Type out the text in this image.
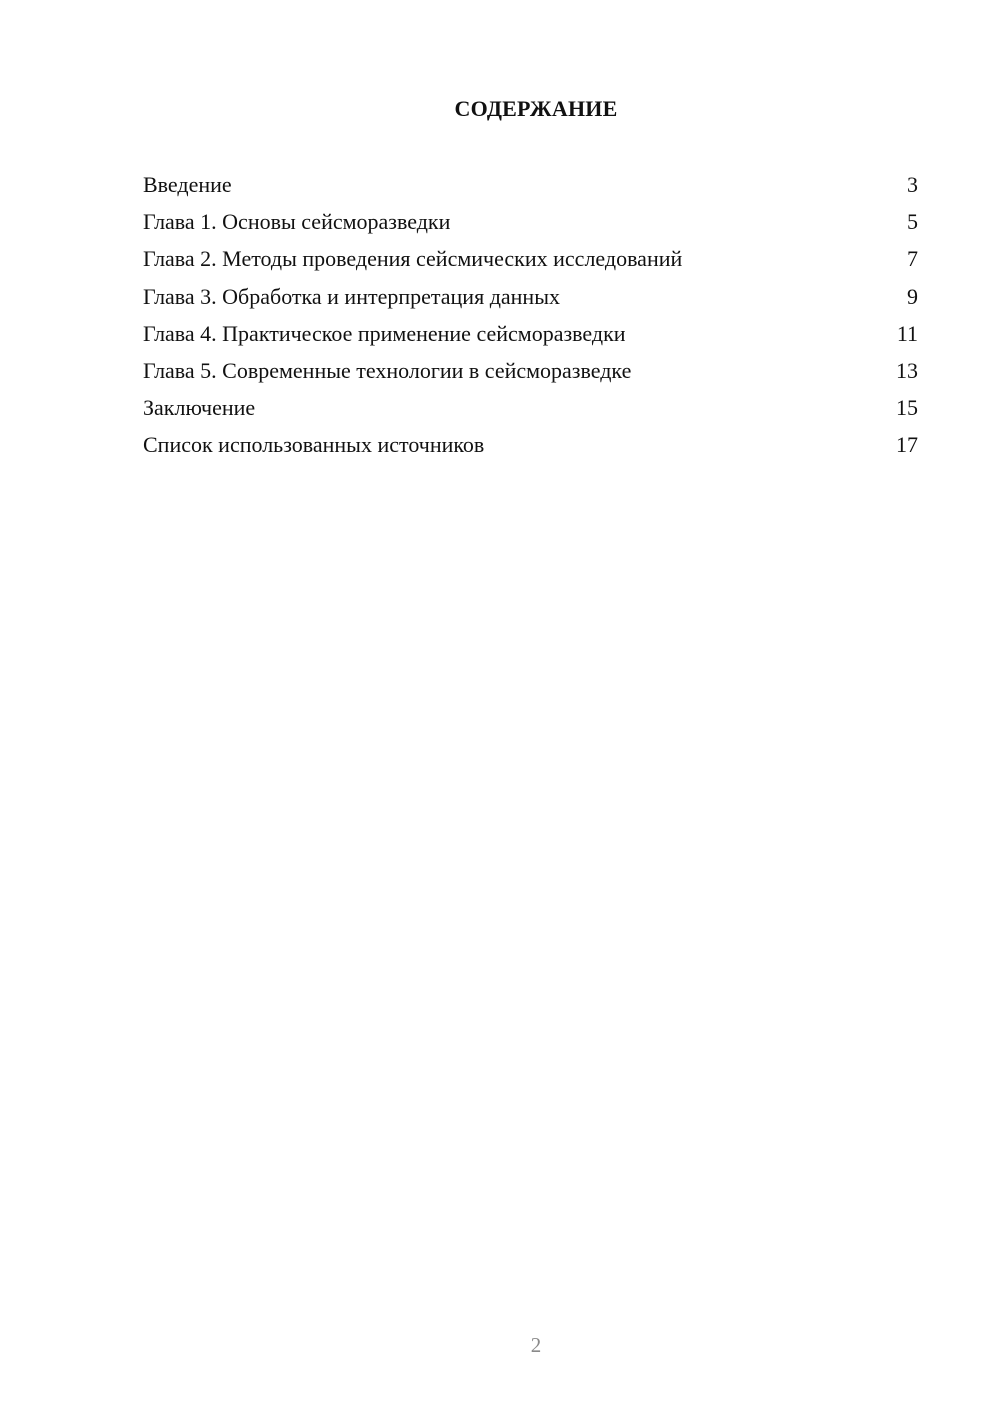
СОДЕРЖАНИЕ
Введение	3
Глава 1. Основы сейсморазведки	5
Глава 2. Методы проведения сейсмических исследований	7
Глава 3. Обработка и интерпретация данных	9
Глава 4. Практическое применение сейсморазведки	11
Глава 5. Современные технологии в сейсморазведке	13
Заключение	15
Список использованных источников	17
2
